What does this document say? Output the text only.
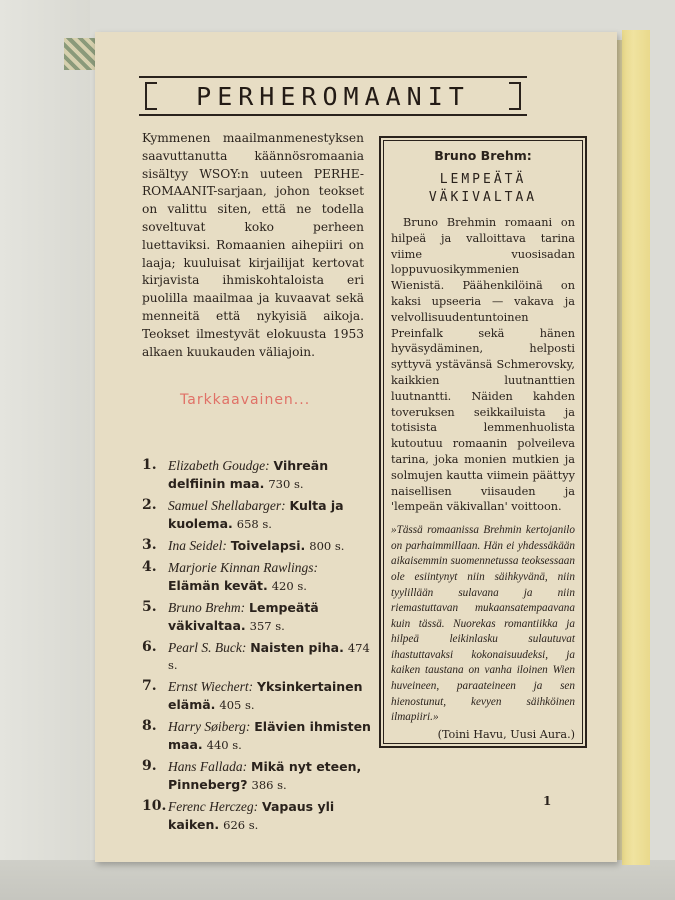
PERHEROMAANIT
Kymmenen maailmanmenestyksen saavuttanutta käännösromaania sisältyy WSOY:n uuteen PERHE-ROMAANIT-sarjaan, johon teokset on valittu siten, että ne todella soveltuvat koko perheen luettaviksi. Romaanien aihepiiri on laaja; kuuluisat kirjailijat kertovat kirjavista ihmiskohtaloista eri puolilla maailmaa ja kuvaavat sekä menneitä että nykyisiä aikoja. Teokset ilmestyvät elokuusta 1953 alkaen kuukauden väliajoin.
1. Elizabeth Goudge: Vihreän delfiinin maa. 730 s.
2. Samuel Shellabarger: Kulta ja kuolema. 658 s.
3. Ina Seidel: Toivelapsi. 800 s.
4. Marjorie Kinnan Rawlings: Elämän kevät. 420 s.
5. Bruno Brehm: Lempeätä väkivaltaa. 357 s.
6. Pearl S. Buck: Naisten piha. 474 s.
7. Ernst Wiechert: Yksinkertainen elämä. 405 s.
8. Harry Søiberg: Elävien ihmisten maa. 440 s.
9. Hans Fallada: Mikä nyt eteen, Pinneberg? 386 s.
10. Ferenc Herczeg: Vapaus yli kaiken. 626 s.
Bruno Brehm:
LEMPEÄTÄ VÄKIVALTAA
Bruno Brehmin romaani on hilpeä ja valloittava tarina viime vuosisadan loppuvuosikymmenien Wienistä. Päähenkilöinä on kaksi upseeria — vakava ja velvollisuudentuntoinen Preinfalk sekä hänen hyväsydäminen, helposti syttyvä ystävänsä Schmerovsky, kaikkien luutnanttien luutnantti. Näiden kahden toveruksen seikkailuista ja totisista lemmenhuolista kutoutuu romaanin polveileva tarina, joka monien mutkien ja solmujen kautta viimein päättyy naisellisen viisauden ja 'lempeän väkivallan' voittoon.
»Tässä romaanissa Brehmin kertojanilo on parhaimmillaan. Hän ei yhdessäkään aikaisemmin suomennetussa teoksessaan ole esiintynyt niin säihkyvänä, niin tyylillään sulavana ja niin riemastuttavan mukaansatempaavana kuin tässä. Nuorekas romantiikka ja hilpeä leikinlasku sulautuvat ihastuttavaksi kokonaisuudeksi, ja kaiken taustana on vanha iloinen Wien huveineen, paraateineen ja sen hienostunut, kevyen säihköinen ilmapiiri.»
(Toini Havu, Uusi Aura.)
1
Tarkkaavainen...
